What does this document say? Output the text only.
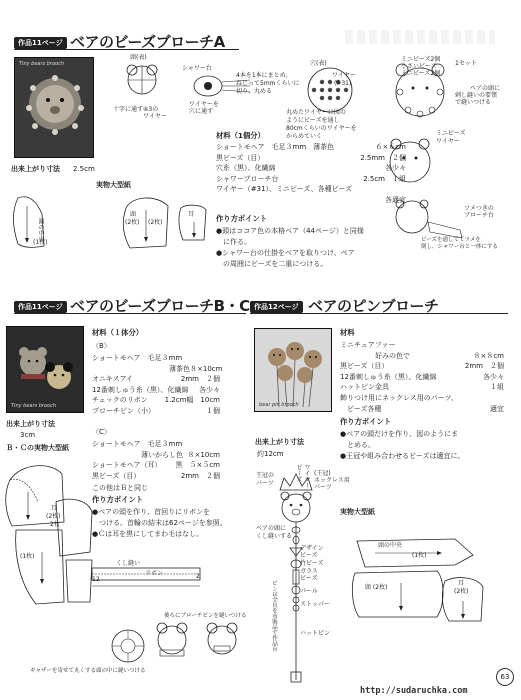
作品11ページ ベアのビーズブローチA
Tiny bears brooch
出来上がり寸法 2.5cm
実物大型紙
頭
(2枚)
耳
(2枚)
(1枚)
頭の中央
頭(表)
十字に通す ④3の
ワイヤー
シャワー台
ワイヤーを
穴に通す
4本を1本にまとめ、
ねじって5mmくらいに
切り、丸める
穴(表)
ワイヤー
(#31)
丸めたワイヤーに図の
ようにビーズを通し
80cmくらいのワイヤーを
からめていく
ミニビーズ2個
1セット
小さいビーズ
ミニビーズ2個
ベアの頭に
刺し縫いの要領
で縫いつける
ミニビーズ
ワイヤー
ツメつきの
ブローチ台
ビーズを通しててツメを
倒し、シャワー台と一体にする
材料（1個分）
ショートモヘア　毛足３mm　薄茶色	６×６cm
黒ビーズ（目）	2.5mm　２個
穴糸（黒）、化繊綿	各少々
シャワーブローチ台	2.5cm　１組
ワイヤー（#31）、ミニビーズ、各種ビーズ
各適宜
作り方ポイント
●頭はココア色の本格ベア（44ページ）と同様
　に作る。
●シャワー台の仕掛をベアを取りつけ、ペア
　の周囲にビーズを二重につける。
作品11ページ ベアのビーズブローチB・C 作品12ページ ベアのピンブローチ
Tiny bears brooch
出来上がり寸法
3cm
Ｂ・Ｃの実物大型紙
材料（１体分）
〈B〉
ショートモヘア　毛足３mm
　　　　　　　　　　　薄茶色 ８×10cm
オニキスアイ	2mm　２個
12番刺しゅう糸（黒）、化繊綿	各少々
チェックのリボン	1.2cm幅　10cm
ブローチピン（小）	１個
〈C〉
ショートモヘア　毛足３mm
　　　　　　　薄いからし色 ８×10cm
ショートモヘア（耳）	黒　５×５cm
黒ビーズ（目）	2mm　２個
この他はＢと同じ
作り方ポイント
●ベアの頭を作り、首回りにリボンを
　つける。首輪の結末は62ページを参照。
●Ｃは耳を黒にしてまわ毛はなし。
耳
(2枚)
(1枚)
2枚
くし縫い
リボン
12	2
後ろにブローチピンを縫いつける
ギャザーを寄せて丸くする 頭の中に縫いつける
bear pin brooch
出来上がり寸法
約12cm
王冠の
パーツ
ビーズ ワイヤー (王冠)
ネックレス用
パーツ
ベアの頭に
くし縫いする
デザイン
ビーズ
竹ビーズ
ガラス
ビーズ
パール
ストッパー
ハットピン
ピンは全長を市販品で作品台
材料
ミニチュアファー
　　　　　好みの色で	８×８cm
黒ビーズ（目）	2mm　２個
12番刺しゅう糸（黒）、化繊綿	各少々
ハットピン金具	１組
飾りつけ用にネックレス用のパーツ、
　ビーズ各種	適宜
作り方ポイント
●ベアの頭だけを作り、図のようにま
　とめる。
●王冠や組み合わせるビーズは適宜に。
実物大型紙
頭の中央
(1枚)
頭 (2枚)
耳
(2枚)
63
http://sudaruchka.com
